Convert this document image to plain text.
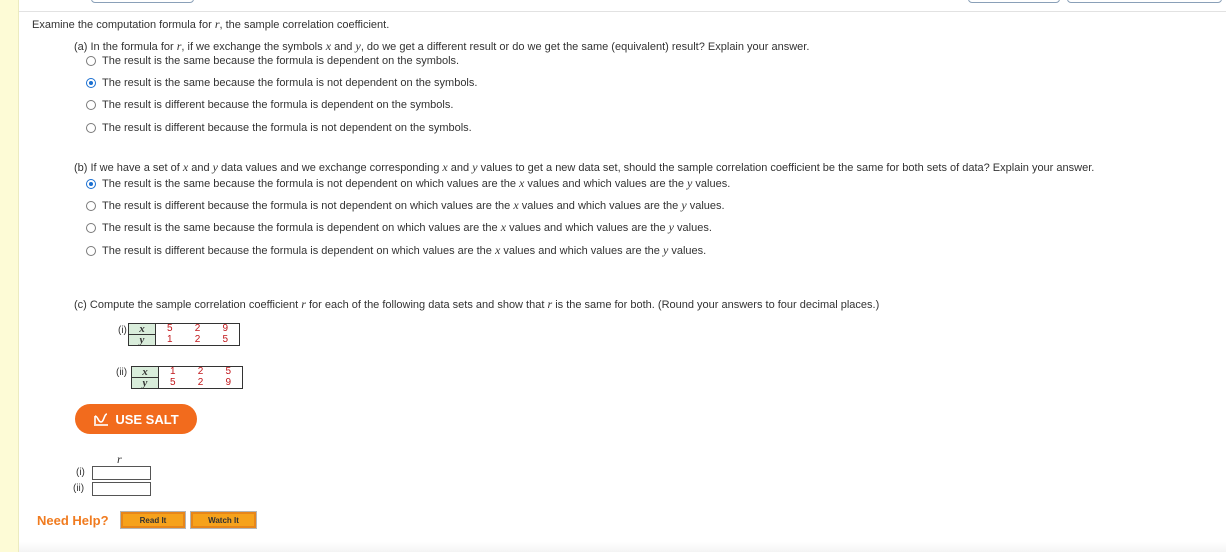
Examine the computation formula for r, the sample correlation coefficient.
(a) In the formula for r, if we exchange the symbols x and y, do we get a different result or do we get the same (equivalent) result? Explain your answer.
The result is the same because the formula is dependent on the symbols.
The result is the same because the formula is not dependent on the symbols.
The result is different because the formula is dependent on the symbols.
The result is different because the formula is not dependent on the symbols.
(b) If we have a set of x and y data values and we exchange corresponding x and y values to get a new data set, should the sample correlation coefficient be the same for both sets of data? Explain your answer.
The result is the same because the formula is not dependent on which values are the x values and which values are the y values.
The result is different because the formula is not dependent on which values are the x values and which values are the y values.
The result is the same because the formula is dependent on which values are the x values and which values are the y values.
The result is different because the formula is dependent on which values are the x values and which values are the y values.
(c) Compute the sample correlation coefficient r for each of the following data sets and show that r is the same for both. (Round your answers to four decimal places.)
(i) x	5	2	9
y	1	2	5
(ii) x	1	2	5
y	5	2	9
USE SALT
r
(i)
(ii)
Need Help?	Read It	Watch It
